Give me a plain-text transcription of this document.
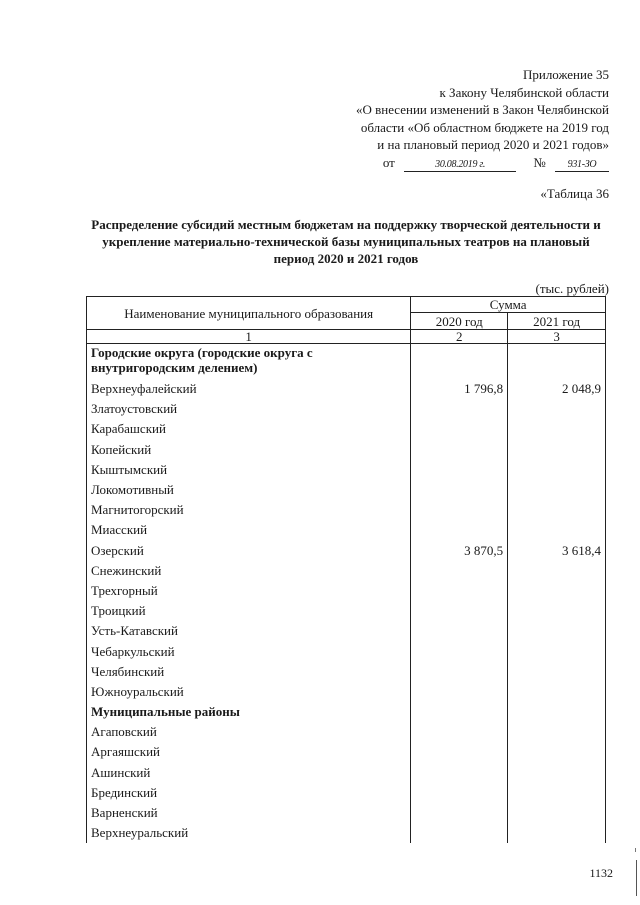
Приложение 35
к Закону Челябинской области
«О внесении изменений в Закон Челябинской
области «Об областном бюджете на 2019 год
и на плановый период 2020 и 2021 годов»
от	30.08.2019 г.	№ 931-ЗО
«Таблица 36
Распределение субсидий местным бюджетам на поддержку творческой деятельности и укрепление материально-технической базы муниципальных театров на плановый период 2020 и 2021 годов
(тыс. рублей)
Наименование муниципального образования	Сумма	
	2020 год	2021 год
1	2	3
Городские округа (городские округа с внутригородским делением)		
Верхнеуфалейский	1 796,8	2 048,9
Златоустовский		
Карабашский		
Копейский		
Кыштымский		
Локомотивный		
Магнитогорский		
Миасский		
Озерский	3 870,5	3 618,4
Снежинский		
Трехгорный		
Троицкий		
Усть-Катавский		
Чебаркульский		
Челябинский		
Южноуральский		
Муниципальные районы		
Агаповский		
Аргаяшский		
Ашинский		
Брединский		
Варненский		
Верхнеуральский		
1132
